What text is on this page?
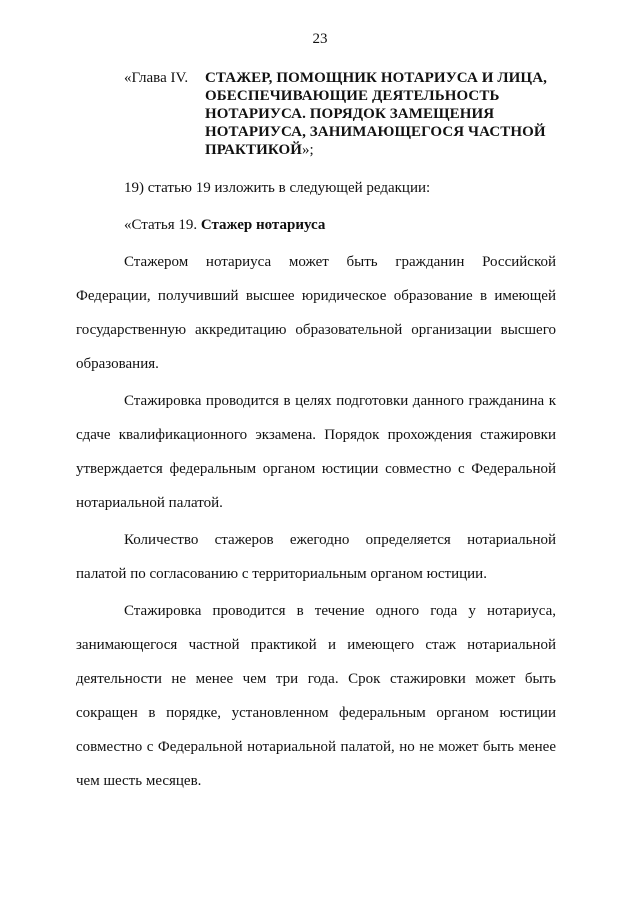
23
«Глава IV.	СТАЖЕР, ПОМОЩНИК НОТАРИУСА И ЛИЦА, ОБЕСПЕЧИВАЮЩИЕ ДЕЯТЕЛЬНОСТЬ НОТАРИУСА. ПОРЯДОК ЗАМЕЩЕНИЯ НОТАРИУСА, ЗАНИМАЮЩЕГОСЯ ЧАСТНОЙ ПРАКТИКОЙ»;

19) статью 19 изложить в следующей редакции:

«Статья 19. Стажер нотариуса

Стажером нотариуса может быть гражданин Российской Федерации, получивший высшее юридическое образование в имеющей государственную аккредитацию образовательной организации высшего образования.

Стажировка проводится в целях подготовки данного гражданина к сдаче квалификационного экзамена. Порядок прохождения стажировки утверждается федеральным органом юстиции совместно с Федеральной нотариальной палатой.

Количество стажеров ежегодно определяется нотариальной палатой по согласованию с территориальным органом юстиции.

Стажировка проводится в течение одного года у нотариуса, занимающегося частной практикой и имеющего стаж нотариальной деятельности не менее чем три года. Срок стажировки может быть сокращен в порядке, установленном федеральным органом юстиции совместно с Федеральной нотариальной палатой, но не может быть менее чем шесть месяцев.
